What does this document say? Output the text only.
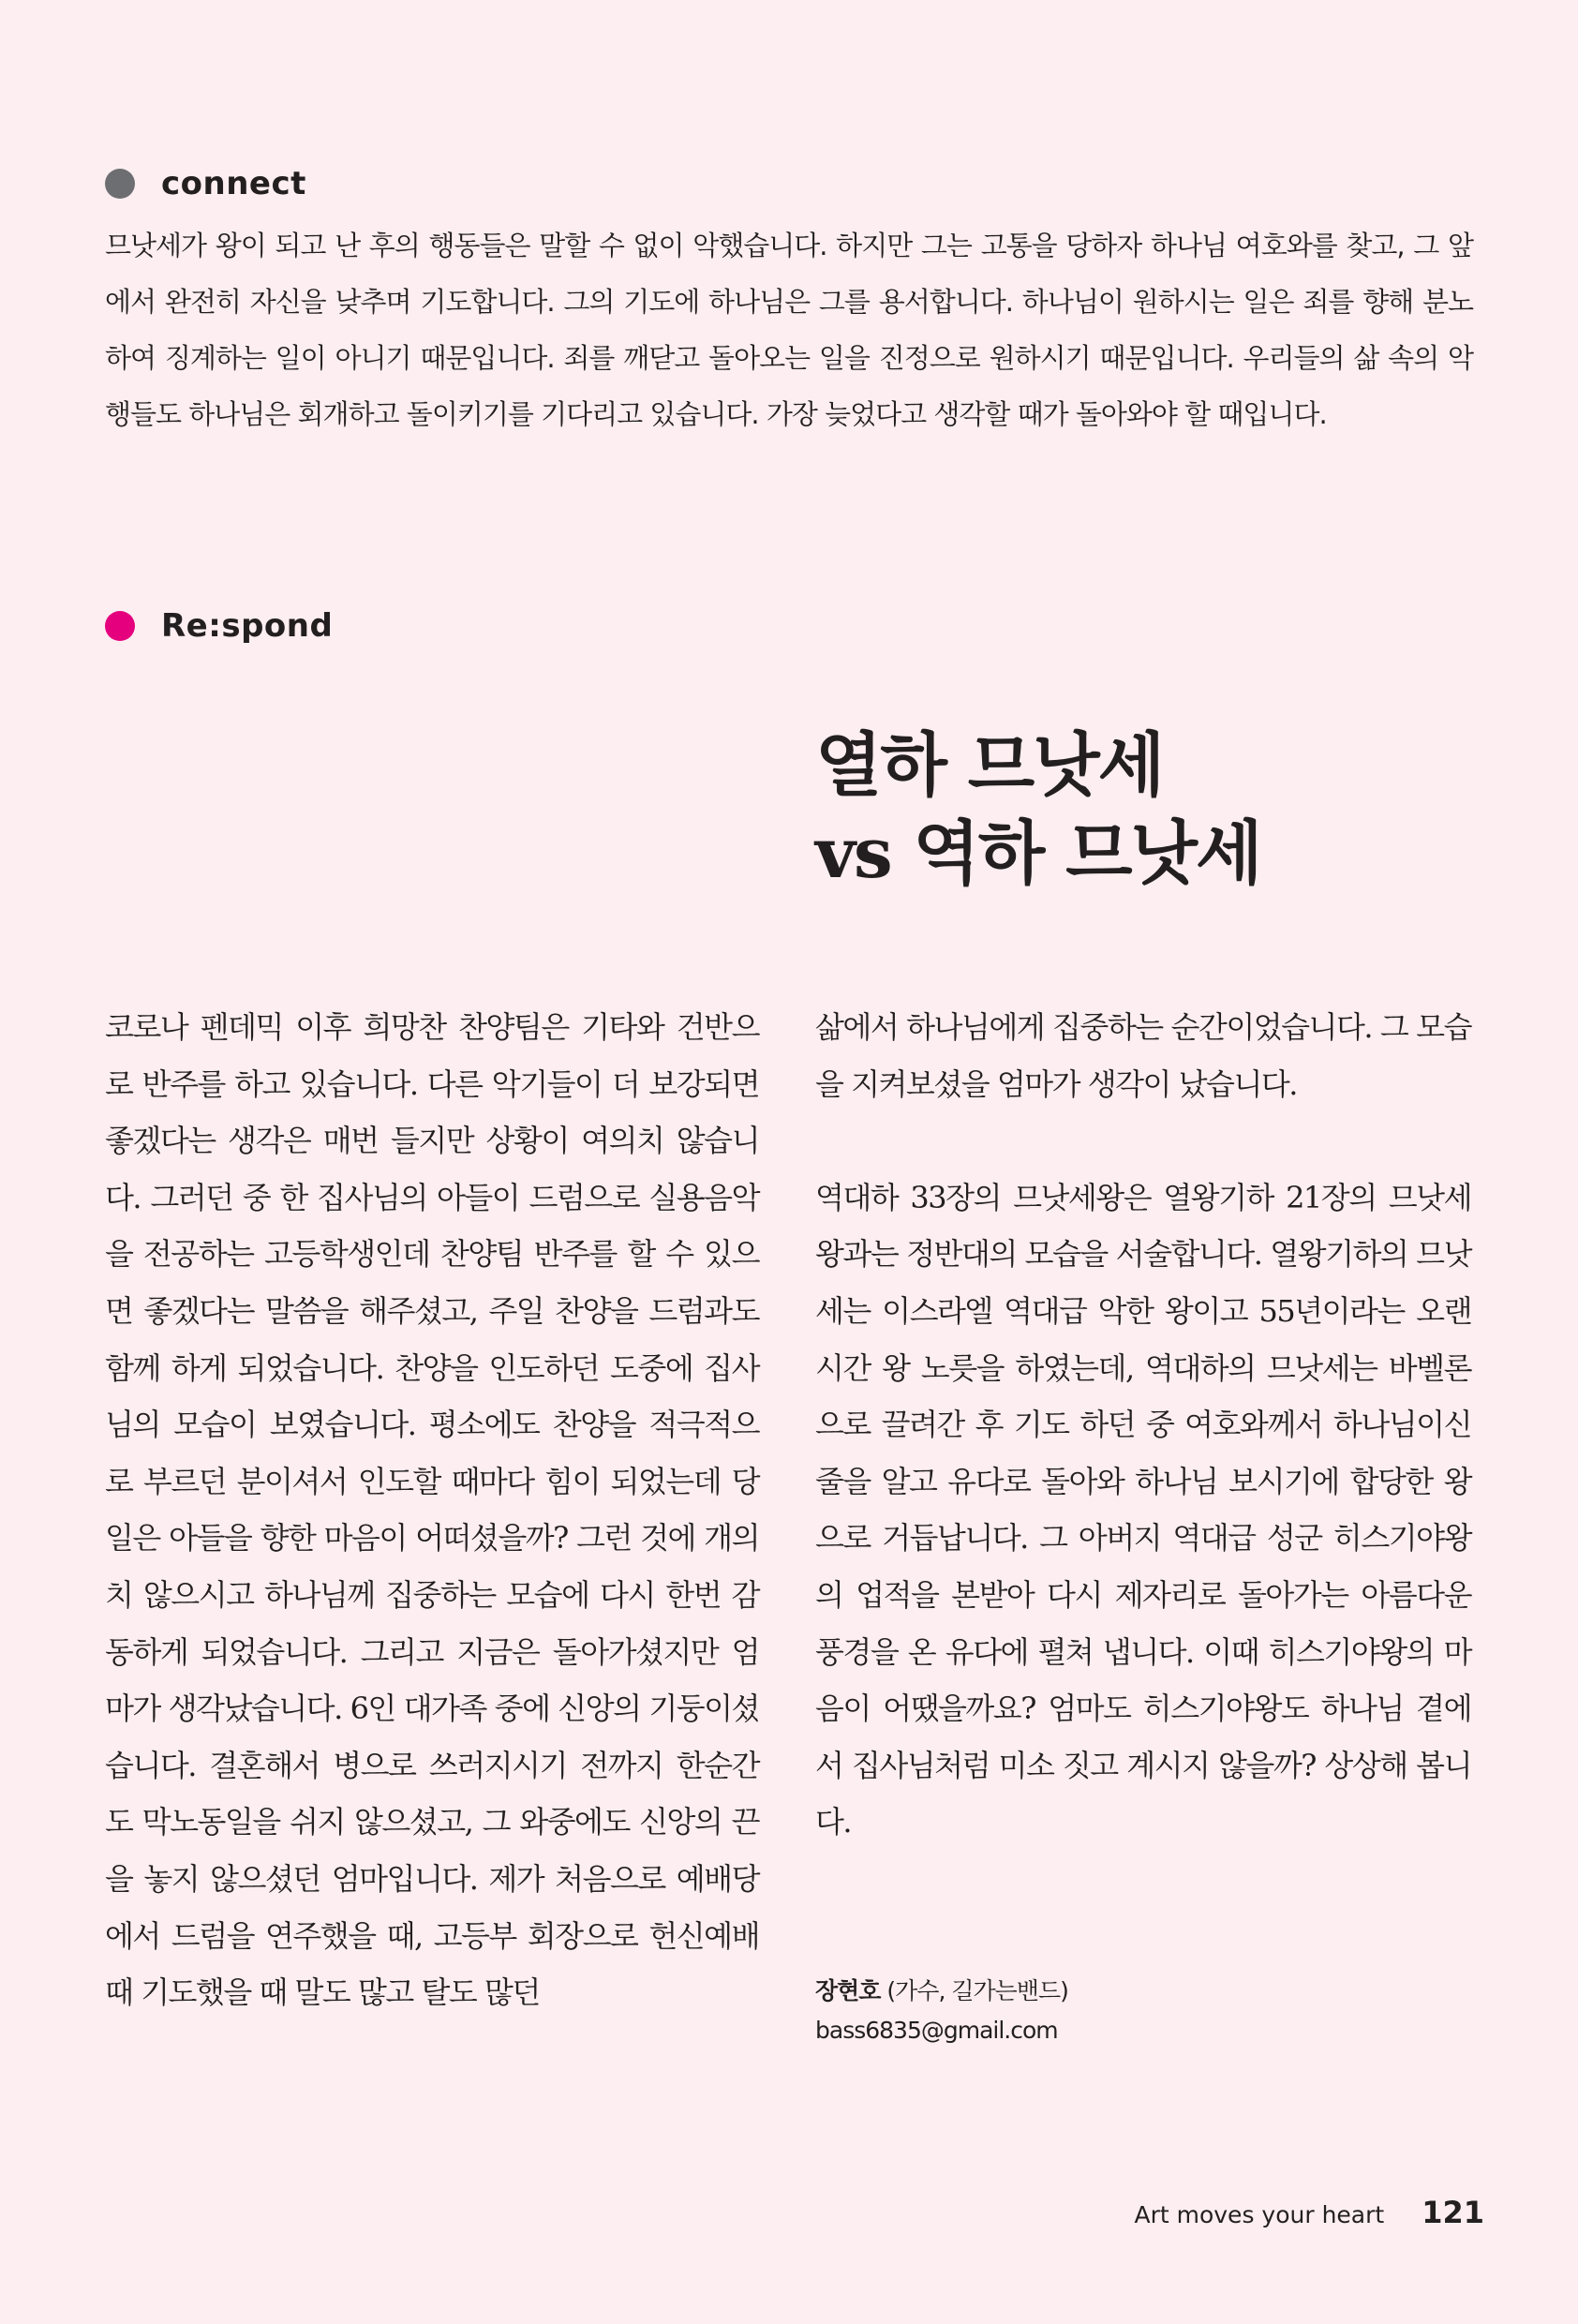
connect

므낫세가 왕이 되고 난 후의 행동들은 말할 수 없이 악했습니다. 하지만 그는 고통을 당하자 하나님 여호와를 찾고, 그 앞에서 완전히 자신을 낮추며 기도합니다. 그의 기도에 하나님은 그를 용서합니다. 하나님이 원하시는 일은 죄를 향해 분노하여 징계하는 일이 아니기 때문입니다. 죄를 깨닫고 돌아오는 일을 진정으로 원하시기 때문입니다. 우리들의 삶 속의 악행들도 하나님은 회개하고 돌이키기를 기다리고 있습니다. 가장 늦었다고 생각할 때가 돌아와야 할 때입니다.

Re:spond
열하 므낫세
vs 역하 므낫세

코로나 펜데믹 이후 희망찬 찬양팀은 기타와 건반으로 반주를 하고 있습니다. 다른 악기들이 더 보강되면 좋겠다는 생각은 매번 들지만 상황이 여의치 않습니다. 그러던 중 한 집사님의 아들이 드럼으로 실용음악을 전공하는 고등학생인데 찬양팀 반주를 할 수 있으면 좋겠다는 말씀을 해주셨고, 주일 찬양을 드럼과도 함께 하게 되었습니다. 찬양을 인도하던 도중에 집사님의 모습이 보였습니다. 평소에도 찬양을 적극적으로 부르던 분이셔서 인도할 때마다 힘이 되었는데 당일은 아들을 향한 마음이 어떠셨을까? 그런 것에 개의치 않으시고 하나님께 집중하는 모습에 다시 한번 감동하게 되었습니다. 그리고 지금은 돌아가셨지만 엄마가 생각났습니다. 6인 대가족 중에 신앙의 기둥이셨습니다. 결혼해서 병으로 쓰러지시기 전까지 한순간도 막노동일을 쉬지 않으셨고, 그 와중에도 신앙의 끈을 놓지 않으셨던 엄마입니다. 제가 처음으로 예배당에서 드럼을 연주했을 때, 고등부 회장으로 헌신예배 때 기도했을 때 말도 많고 탈도 많던

삶에서 하나님에게 집중하는 순간이었습니다. 그 모습을 지켜보셨을 엄마가 생각이 났습니다.

역대하 33장의 므낫세왕은 열왕기하 21장의 므낫세왕과는 정반대의 모습을 서술합니다. 열왕기하의 므낫세는 이스라엘 역대급 악한 왕이고 55년이라는 오랜 시간 왕 노릇을 하였는데, 역대하의 므낫세는 바벨론으로 끌려간 후 기도 하던 중 여호와께서 하나님이신 줄을 알고 유다로 돌아와 하나님 보시기에 합당한 왕으로 거듭납니다. 그 아버지 역대급 성군 히스기야왕의 업적을 본받아 다시 제자리로 돌아가는 아름다운 풍경을 온 유다에 펼쳐 냅니다. 이때 히스기야왕의 마음이 어땠을까요? 엄마도 히스기야왕도 하나님 곁에서 집사님처럼 미소 짓고 계시지 않을까? 상상해 봅니다.

장현호 (가수, 길가는밴드)
bass6835@gmail.com
Art moves your heart 121
